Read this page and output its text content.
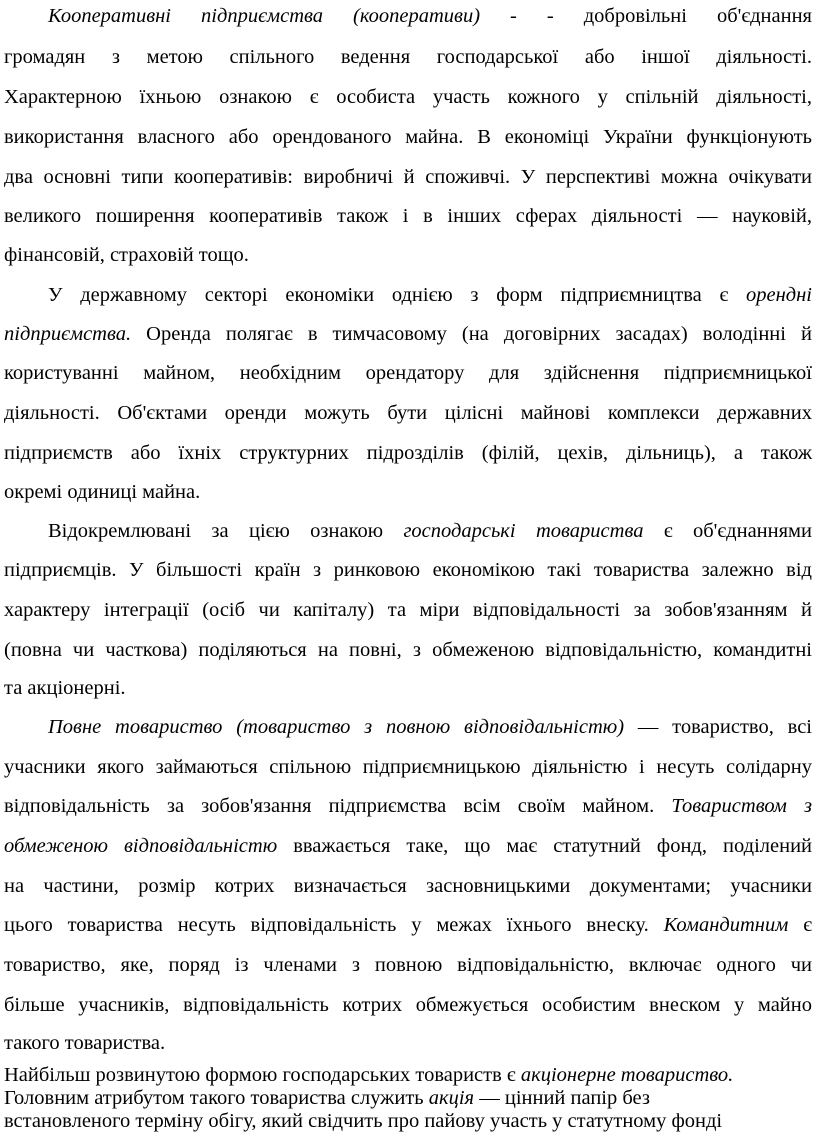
Кооперативні підприємства (кооперативи) - - добровільні об'єднання
громадян з метою спільного ведення господарської або іншої діяльності.
Характерною їхньою ознакою є особиста участь кожного у спільній діяльності,
використання власного або орендованого майна. В економіці України функціонують
два основні типи кооперативів: виробничі й споживчі. У перспективі можна очікувати
великого поширення кооперативів також і в інших сферах діяльності — науковій,
фінансовій, страховій тощо.
У державному секторі економіки однією з форм підприємництва є орендні
підприємства. Оренда полягає в тимчасовому (на договірних засадах) володінні й
користуванні майном, необхідним орендатору для здійснення підприємницької
діяльності. Об'єктами оренди можуть бути цілісні майнові комплекси державних
підприємств або їхніх структурних підрозділів (філій, цехів, дільниць), а також
окремі одиниці майна.
Відокремлювані за цією ознакою господарські товариства є об'єднаннями
підприємців. У більшості країн з ринковою економікою такі товариства залежно від
характеру інтеграції (осіб чи капіталу) та міри відповідальності за зобов'язанням й
(повна чи часткова) поділяються на повні, з обмеженою відповідальністю, командитні
та акціонерні.
Повне товариство (товариство з повною відповідальністю) — товариство, всі
учасники якого займаються спільною підприємницькою діяльністю і несуть солідарну
відповідальність за зобов'язання підприємства всім своїм майном. Товариством з
обмеженою відповідальністю вважається таке, що має статутний фонд, поділений
на частини, розмір котрих визначається засновницькими документами; учасники
цього товариства несуть відповідальність у межах їхнього внеску. Командитним є
товариство, яке, поряд із членами з повною відповідальністю, включає одного чи
більше учасників, відповідальність котрих обмежується особистим внеском у майно
такого товариства.
Найбільш розвинутою формою господарських товариств є акціонерне товариство.
Головним атрибутом такого товариства служить акція — цінний папір без
встановленого терміну обігу, який свідчить про пайову участь у статутному фонді
